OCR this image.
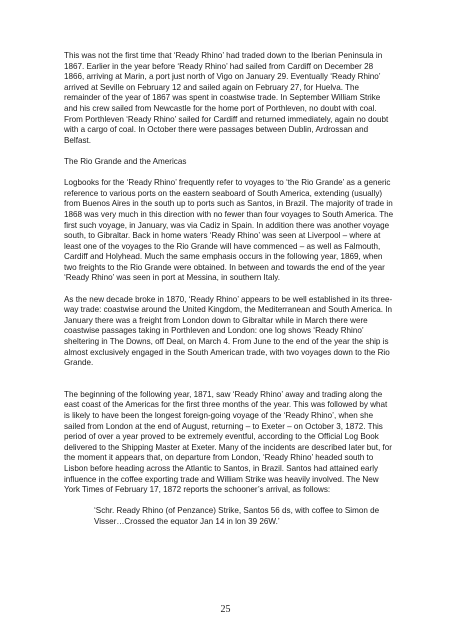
This was not the first time that ‘Ready Rhino’ had traded down to the Iberian Peninsula in 1867. Earlier in the year before ‘Ready Rhino’ had sailed from Cardiff on December 28 1866, arriving at Marin, a port just north of Vigo on January 29. Eventually ‘Ready Rhino’ arrived at Seville on February 12 and sailed again on February 27, for Huelva. The remainder of the year of 1867 was spent in coastwise trade. In September William Strike and his crew sailed from Newcastle for the home port of Porthleven, no doubt with coal. From Porthleven ‘Ready Rhino’ sailed for Cardiff and returned immediately, again no doubt with a cargo of coal. In October there were passages between Dublin, Ardrossan and Belfast.

The Rio Grande and the Americas

Logbooks for the ‘Ready Rhino’ frequently refer to voyages to ‘the Rio Grande’ as a generic reference to various ports on the eastern seaboard of South America, extending (usually) from Buenos Aires in the south up to ports such as Santos, in Brazil. The majority of trade in 1868 was very much in this direction with no fewer than four voyages to South America. The first such voyage, in January, was via Cadiz in Spain. In addition there was another voyage south, to Gibraltar. Back in home waters ‘Ready Rhino’ was seen at Liverpool – where at least one of the voyages to the Rio Grande will have commenced – as well as Falmouth, Cardiff and Holyhead. Much the same emphasis occurs in the following year, 1869, when two freights to the Rio Grande were obtained. In between and towards the end of the year ‘Ready Rhino’ was seen in port at Messina, in southern Italy.

As the new decade broke in 1870, ‘Ready Rhino’ appears to be well established in its three-way trade: coastwise around the United Kingdom, the Mediterranean and South America. In January there was a freight from London down to Gibraltar while in March there were coastwise passages taking in Porthleven and London: one log shows ‘Ready Rhino’ sheltering in The Downs, off Deal, on March 4. From June to the end of the year the ship is almost exclusively engaged in the South American trade, with two voyages down to the Rio Grande.

The beginning of the following year, 1871, saw ‘Ready Rhino’ away and trading along the east coast of the Americas for the first three months of the year. This was followed by what is likely to have been the longest foreign-going voyage of the ‘Ready Rhino’, when she sailed from London at the end of August, returning – to Exeter – on October 3, 1872. This period of over a year proved to be extremely eventful, according to the Official Log Book delivered to the Shipping Master at Exeter. Many of the incidents are described later but, for the moment it appears that, on departure from London, ‘Ready Rhino’ headed south to Lisbon before heading across the Atlantic to Santos, in Brazil. Santos had attained early influence in the coffee exporting trade and William Strike was heavily involved. The New York Times of February 17, 1872 reports the schooner’s arrival, as follows:

‘Schr. Ready Rhino (of Penzance) Strike, Santos 56 ds, with coffee to Simon de Visser…Crossed the equator Jan 14 in lon 39 26W.’

25
